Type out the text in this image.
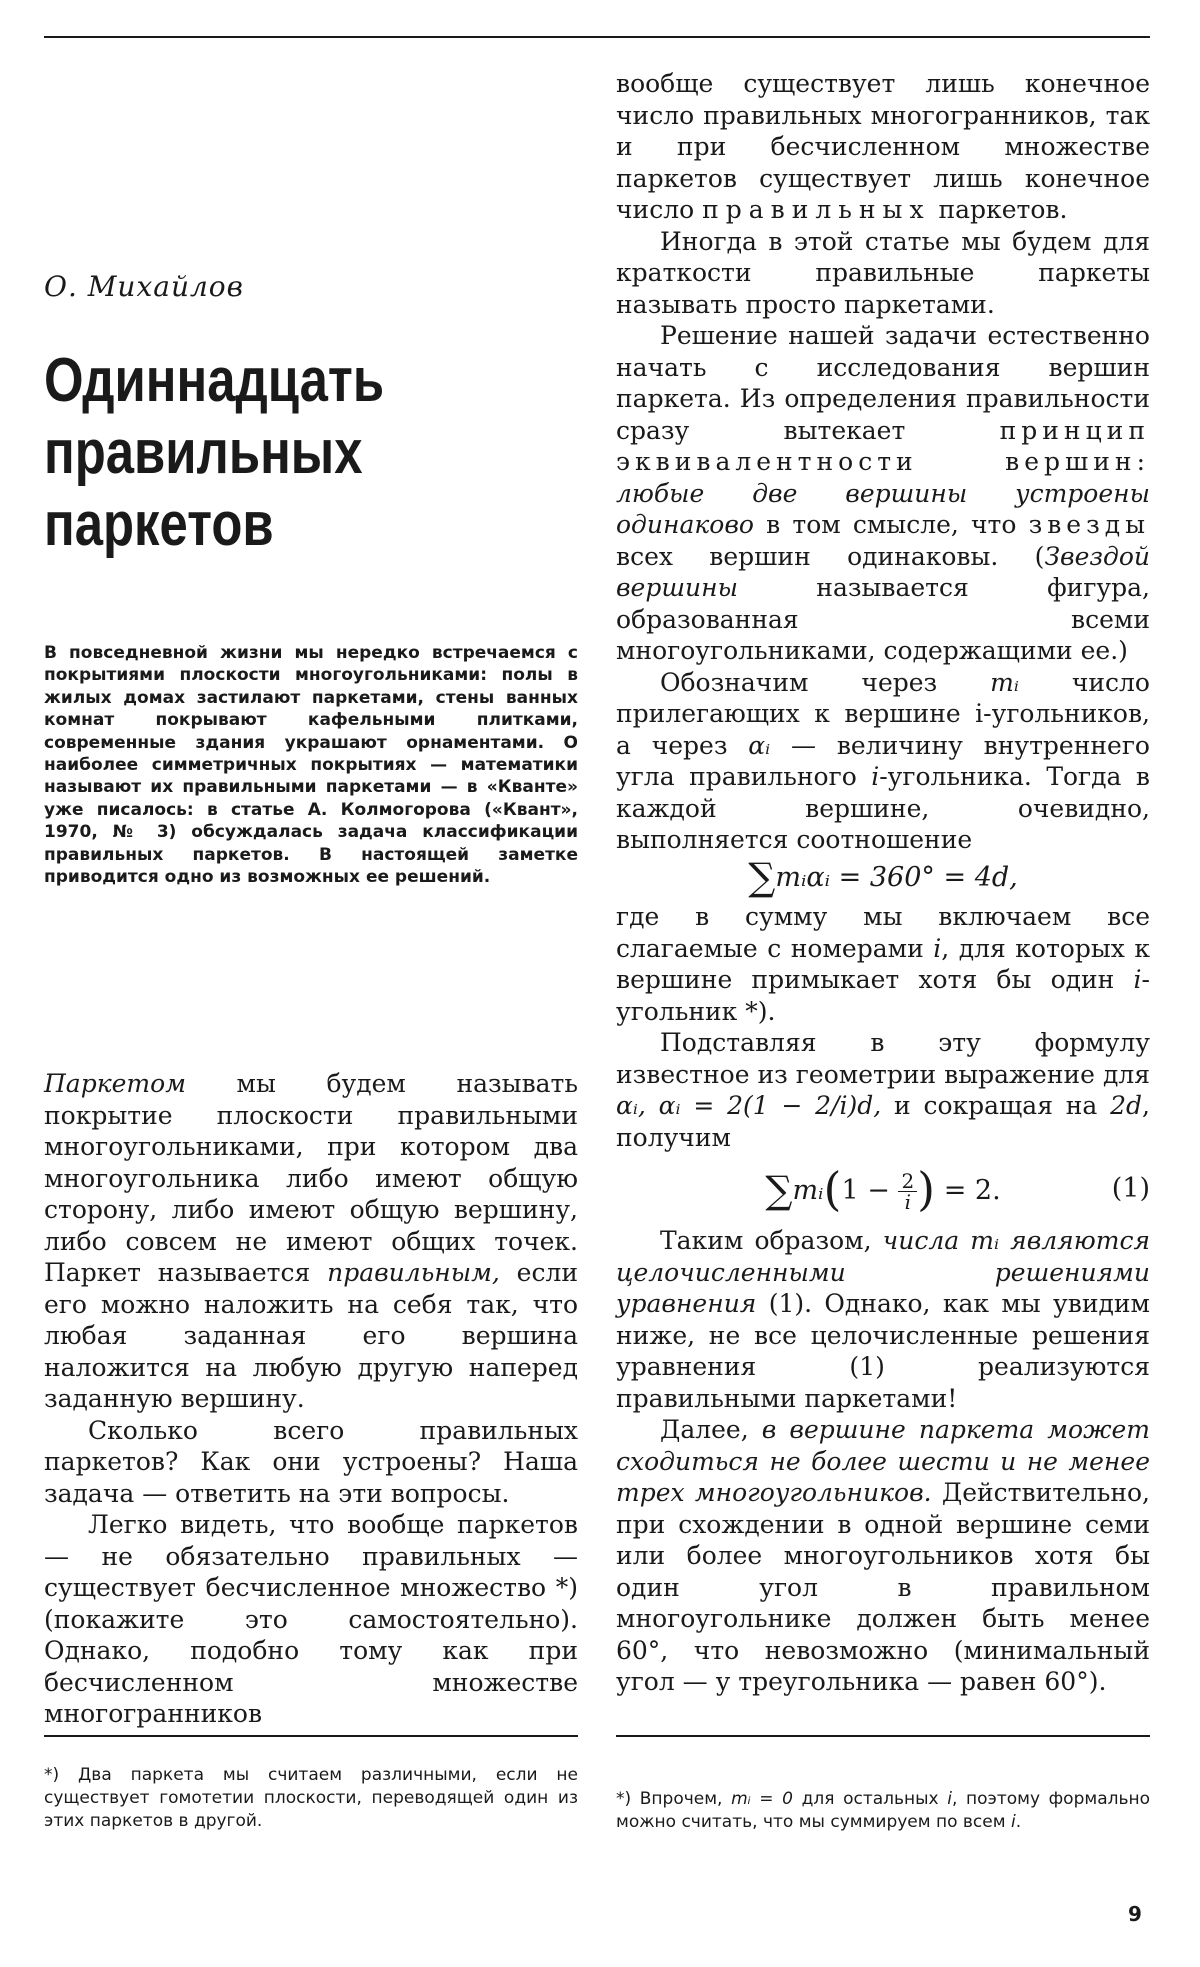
О. Михайлов
Одиннадцать
правильных
паркетов
В повседневной жизни мы нередко встречаемся с покрытиями плоскости многоугольниками: полы в жилых домах застилают паркетами, стены ванных комнат покрывают кафельными плитками, современные здания украшают орнаментами. О наиболее симметричных покрытиях — математики называют их правильными паркетами — в «Кванте» уже писалось: в статье А. Колмогорова («Квант», 1970, № 3) обсуждалась задача классификации правильных паркетов. В настоящей заметке приводится одно из возможных ее решений.

Паркетом мы будем называть покрытие плоскости правильными многоугольниками, при котором два многоугольника либо имеют общую сторону, либо имеют общую вершину, либо совсем не имеют общих точек. Паркет называется правильным, если его можно наложить на себя так, что любая заданная его вершина наложится на любую другую наперед заданную вершину.

Сколько всего правильных паркетов? Как они устроены? Наша задача — ответить на эти вопросы.

Легко видеть, что вообще паркетов — не обязательно правильных — существует бесчисленное множество *) (покажите это самостоятельно). Однако, подобно тому как при бесчисленном множестве многогранников

*) Два паркета мы считаем различными, если не существует гомотетии плоскости, переводящей один из этих паркетов в другой.

вообще существует лишь конечное число правильных многогранников, так и при бесчисленном множестве паркетов существует лишь конечное число правильных паркетов.

Иногда в этой статье мы будем для краткости правильные паркеты называть просто паркетами.

Решение нашей задачи естественно начать с исследования вершин паркета. Из определения правильности сразу вытекает принцип эквивалентности вершин: любые две вершины устроены одинаково в том смысле, что звезды всех вершин одинаковы. (Звездой вершины называется фигура, образованная всеми многоугольниками, содержащими ее.)

Обозначим через mᵢ число прилегающих к вершине i-угольников, а через αᵢ — величину внутреннего угла правильного i-угольника. Тогда в каждой вершине, очевидно, выполняется соотношение

∑mᵢαᵢ = 360° = 4d,

где в сумму мы включаем все слагаемые с номерами i, для которых к вершине примыкает хотя бы один i-угольник *).

Подставляя в эту формулу известное из геометрии выражение для αᵢ, αᵢ = 2(1 − 2/i)d, и сокращая на 2d, получим

∑mᵢ(1 − $\frac{2}{i}$ ) = 2.	(1)

Таким образом, числа mᵢ являются целочисленными решениями уравнения (1). Однако, как мы увидим ниже, не все целочисленные решения уравнения (1) реализуются правильными паркетами!

Далее, в вершине паркета может сходиться не более шести и не менее трех многоугольников. Действительно, при схождении в одной вершине семи или более многоугольников хотя бы один угол в правильном многоугольнике должен быть менее 60°, что невозможно (минимальный угол — у треугольника — равен 60°).

*) Впрочем, mᵢ = 0 для остальных i, поэтому формально можно считать, что мы суммируем по всем i.
9
